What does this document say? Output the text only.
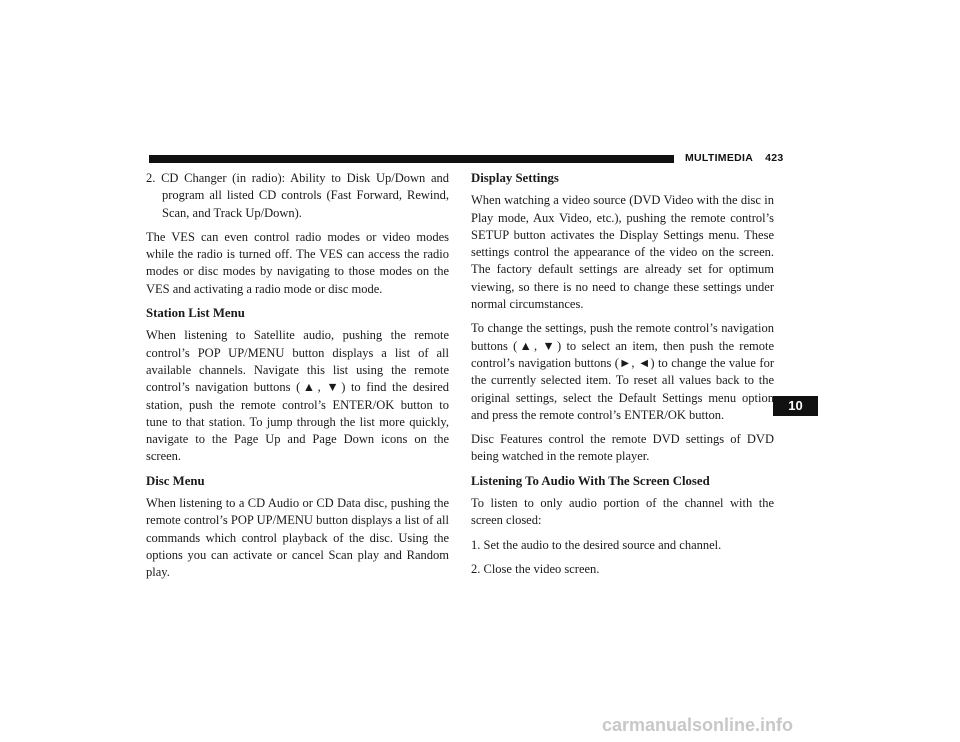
MULTIMEDIA 423
10

2. CD Changer (in radio): Ability to Disk Up/Down and program all listed CD controls (Fast Forward, Rewind, Scan, and Track Up/Down).

The VES can even control radio modes or video modes while the radio is turned off. The VES can access the radio modes or disc modes by navigating to those modes on the VES and activating a radio mode or disc mode.

Station List Menu

When listening to Satellite audio, pushing the remote control’s POP UP/MENU button displays a list of all available channels. Navigate this list using the remote control’s navigation buttons (▲, ▼) to find the desired station, push the remote control’s ENTER/OK button to tune to that station. To jump through the list more quickly, navigate to the Page Up and Page Down icons on the screen.

Disc Menu

When listening to a CD Audio or CD Data disc, pushing the remote control’s POP UP/MENU button displays a list of all commands which control playback of the disc. Using the options you can activate or cancel Scan play and Random play.

Display Settings

When watching a video source (DVD Video with the disc in Play mode, Aux Video, etc.), pushing the remote control’s SETUP button activates the Display Settings menu. These settings control the appearance of the video on the screen. The factory default settings are already set for optimum viewing, so there is no need to change these settings under normal circumstances.

To change the settings, push the remote control’s navigation buttons (▲, ▼) to select an item, then push the remote control’s navigation buttons (►, ◄) to change the value for the currently selected item. To reset all values back to the original settings, select the Default Settings menu option and press the remote control’s ENTER/OK button.

Disc Features control the remote DVD settings of DVD being watched in the remote player.

Listening To Audio With The Screen Closed

To listen to only audio portion of the channel with the screen closed:

1. Set the audio to the desired source and channel.

2. Close the video screen.

carmanualsonline.info
